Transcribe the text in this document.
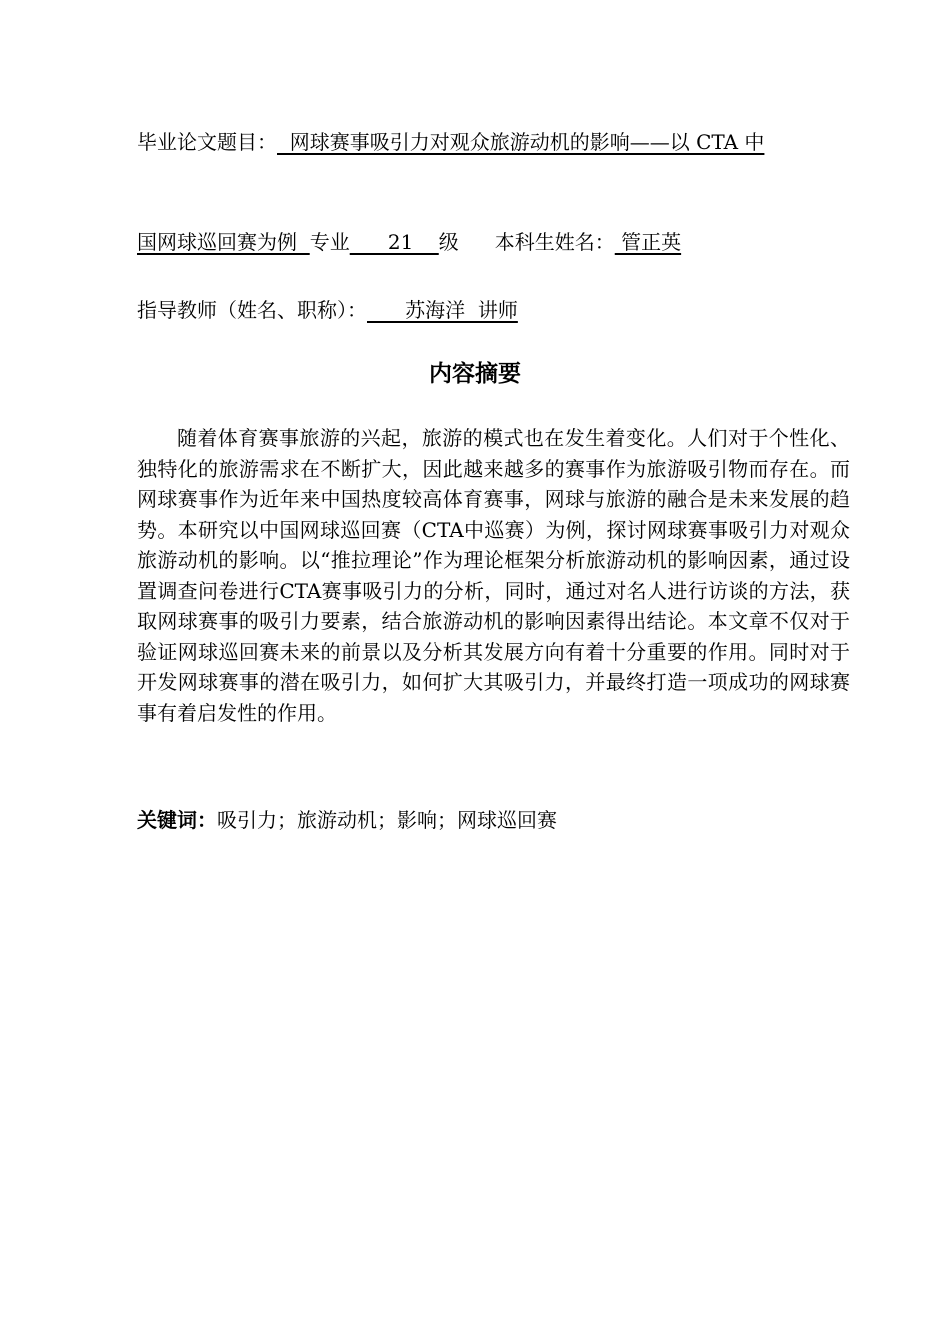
毕业论文题目：  网球赛事吸引力对观众旅游动机的影响——以 CTA 中
国网球巡回赛为例  专业      21    级 本科生姓名： 管正英
指导教师（姓名、职称）：      苏海洋  讲师
内容摘要

随着体育赛事旅游的兴起，旅游的模式也在发生着变化。人们对于个性化、独特化的旅游需求在不断扩大，因此越来越多的赛事作为旅游吸引物而存在。而网球赛事作为近年来中国热度较高体育赛事，网球与旅游的融合是未来发展的趋势。本研究以中国网球巡回赛（CTA中巡赛）为例，探讨网球赛事吸引力对观众旅游动机的影响。以“推拉理论”作为理论框架分析旅游动机的影响因素，通过设置调查问卷进行CTA赛事吸引力的分析，同时，通过对名人进行访谈的方法，获取网球赛事的吸引力要素，结合旅游动机的影响因素得出结论。本文章不仅对于验证网球巡回赛未来的前景以及分析其发展方向有着十分重要的作用。同时对于开发网球赛事的潜在吸引力，如何扩大其吸引力，并最终打造一项成功的网球赛事有着启发性的作用。

关键词：吸引力；旅游动机；影响；网球巡回赛
